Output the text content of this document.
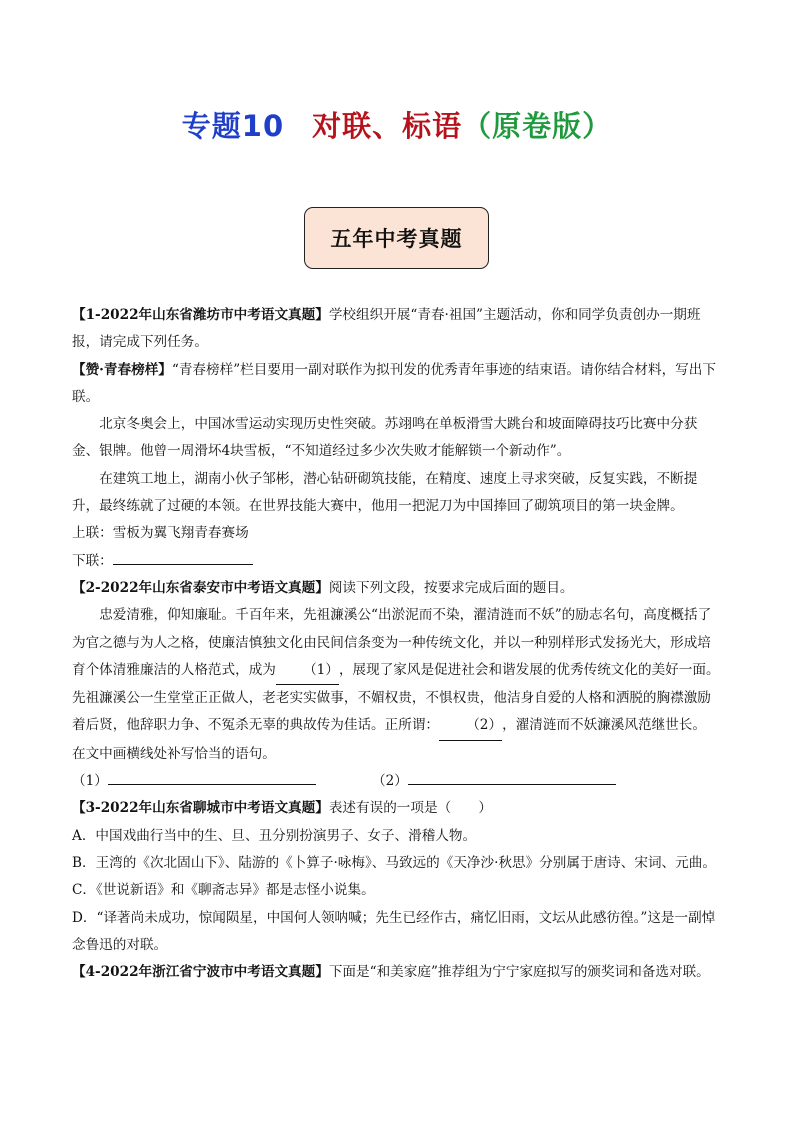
专题10 对联、标语（原卷版）
五年中考真题

【1-2022年山东省潍坊市中考语文真题】学校组织开展“青春·祖国”主题活动，你和同学负责创办一期班报，请完成下列任务。

【赞·青春榜样】“青春榜样”栏目要用一副对联作为拟刊发的优秀青年事迹的结束语。请你结合材料，写出下联。

北京冬奥会上，中国冰雪运动实现历史性突破。苏翊鸣在单板滑雪大跳台和坡面障碍技巧比赛中分获金、银牌。他曾一周滑坏4块雪板，“不知道经过多少次失败才能解锁一个新动作”。

在建筑工地上，湖南小伙子邹彬，潜心钻研砌筑技能，在精度、速度上寻求突破，反复实践，不断提升，最终练就了过硬的本领。在世界技能大赛中，他用一把泥刀为中国捧回了砌筑项目的第一块金牌。

上联：雪板为翼飞翔青春赛场

下联：

【2-2022年山东省泰安市中考语文真题】阅读下列文段，按要求完成后面的题目。

忠爱清雅，仰知廉耻。千百年来，先祖濂溪公“出淤泥而不染，濯清涟而不妖”的励志名句，高度概括了为官之德与为人之格，使廉洁慎独文化由民间信条变为一种传统文化，并以一种别样形式发扬光大，形成培育个体清雅廉洁的人格范式，成为 （1），展现了家风是促进社会和谐发展的优秀传统文化的美好一面。先祖濂溪公一生堂堂正正做人，老老实实做事，不媚权贵，不惧权贵，他洁身自爱的人格和洒脱的胸襟激励着后贤，他辞职力争、不冤杀无辜的典故传为佳话。正所谓： （2），濯清涟而不妖濂溪风范继世长。

在文中画横线处补写恰当的语句。

（1）	（2）

【3-2022年山东省聊城市中考语文真题】表述有误的一项是（　　）

A．中国戏曲行当中的生、旦、丑分别扮演男子、女子、滑稽人物。

B．王湾的《次北固山下》、陆游的《卜算子·咏梅》、马致远的《天净沙·秋思》分别属于唐诗、宋词、元曲。

C．《世说新语》和《聊斋志异》都是志怪小说集。

D．“译著尚未成功，惊闻陨星，中国何人领呐喊；先生已经作古，痛忆旧雨，文坛从此感彷徨。”这是一副悼念鲁迅的对联。

【4-2022年浙江省宁波市中考语文真题】下面是“和美家庭”推荐组为宁宁家庭拟写的颁奖词和备选对联。
